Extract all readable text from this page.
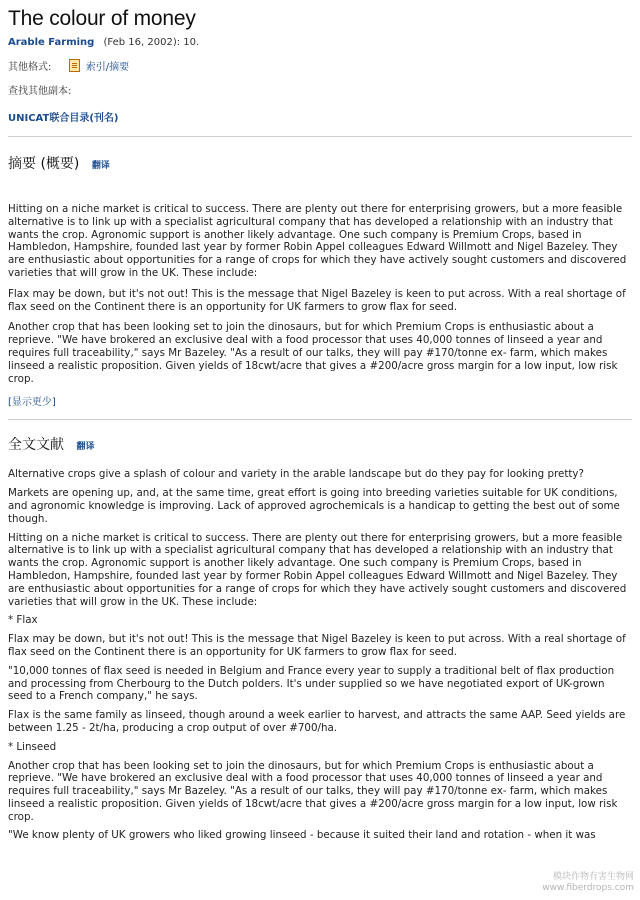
The colour of money
Arable Farming (Feb 16, 2002): 10.
其他格式:	索引/摘要
查找其他副本:
UNICAT联合目录(刊名)
摘要 (概要) 翻译

Hitting on a niche market is critical to success. There are plenty out there for enterprising growers, but a more feasible alternative is to link up with a specialist agricultural company that has developed a relationship with an industry that wants the crop. Agronomic support is another likely advantage. One such company is Premium Crops, based in Hambledon, Hampshire, founded last year by former Robin Appel colleagues Edward Willmott and Nigel Bazeley. They are enthusiastic about opportunities for a range of crops for which they have actively sought customers and discovered varieties that will grow in the UK. These include:

Flax may be down, but it's not out! This is the message that Nigel Bazeley is keen to put across. With a real shortage of flax seed on the Continent there is an opportunity for UK farmers to grow flax for seed.

Another crop that has been looking set to join the dinosaurs, but for which Premium Crops is enthusiastic about a reprieve. "We have brokered an exclusive deal with a food processor that uses 40,000 tonnes of linseed a year and requires full traceability," says Mr Bazeley. "As a result of our talks, they will pay #170/tonne ex- farm, which makes linseed a realistic proposition. Given yields of 18cwt/acre that gives a #200/acre gross margin for a low input, low risk crop.

[显示更少]
全文文献 翻译

Alternative crops give a splash of colour and variety in the arable landscape but do they pay for looking pretty?

Markets are opening up, and, at the same time, great effort is going into breeding varieties suitable for UK conditions, and agronomic knowledge is improving. Lack of approved agrochemicals is a handicap to getting the best out of some though.

Hitting on a niche market is critical to success. There are plenty out there for enterprising growers, but a more feasible alternative is to link up with a specialist agricultural company that has developed a relationship with an industry that wants the crop. Agronomic support is another likely advantage. One such company is Premium Crops, based in Hambledon, Hampshire, founded last year by former Robin Appel colleagues Edward Willmott and Nigel Bazeley. They are enthusiastic about opportunities for a range of crops for which they have actively sought customers and discovered varieties that will grow in the UK. These include:

* Flax

Flax may be down, but it's not out! This is the message that Nigel Bazeley is keen to put across. With a real shortage of flax seed on the Continent there is an opportunity for UK farmers to grow flax for seed.

"10,000 tonnes of flax seed is needed in Belgium and France every year to supply a traditional belt of flax production and processing from Cherbourg to the Dutch polders. It's under supplied so we have negotiated export of UK-grown seed to a French company," he says.

Flax is the same family as linseed, though around a week earlier to harvest, and attracts the same AAP. Seed yields are between 1.25 - 2t/ha, producing a crop output of over #700/ha.

* Linseed

Another crop that has been looking set to join the dinosaurs, but for which Premium Crops is enthusiastic about a reprieve. "We have brokered an exclusive deal with a food processor that uses 40,000 tonnes of linseed a year and requires full traceability," says Mr Bazeley. "As a result of our talks, they will pay #170/tonne ex- farm, which makes linseed a realistic proposition. Given yields of 18cwt/acre that gives a #200/acre gross margin for a low input, low risk crop.

"We know plenty of UK growers who liked growing linseed - because it suited their land and rotation - when it was

模块作物有害生物网
www.fiberdrops.com
